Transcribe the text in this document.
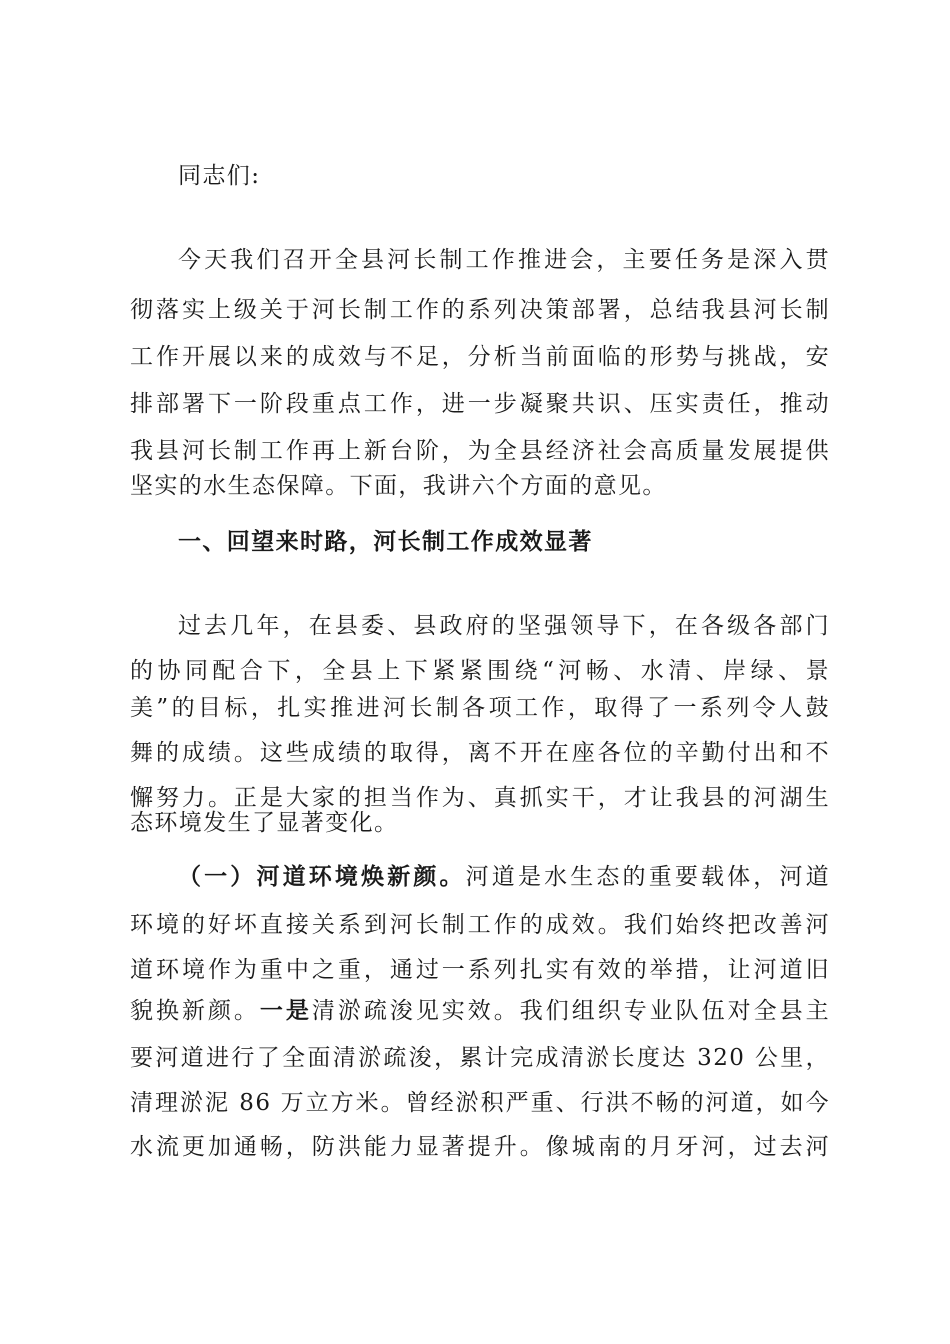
同志们:
今天我们召开全县河长制工作推进会，主要任务是深入贯
彻落实上级关于河长制工作的系列决策部署，总结我县河长制
工作开展以来的成效与不足，分析当前面临的形势与挑战，安
排部署下一阶段重点工作，进一步凝聚共识、压实责任，推动
我县河长制工作再上新台阶，为全县经济社会高质量发展提供
坚实的水生态保障。下面，我讲六个方面的意见。
一、回望来时路，河长制工作成效显著
过去几年，在县委、县政府的坚强领导下，在各级各部门
的协同配合下，全县上下紧紧围绕“河畅、水清、岸绿、景
美”的目标，扎实推进河长制各项工作，取得了一系列令人鼓
舞的成绩。这些成绩的取得，离不开在座各位的辛勤付出和不
懈努力。正是大家的担当作为、真抓实干，才让我县的河湖生
态环境发生了显著变化。
（一）河道环境焕新颜。河道是水生态的重要载体，河道
环境的好坏直接关系到河长制工作的成效。我们始终把改善河
道环境作为重中之重，通过一系列扎实有效的举措，让河道旧
貌换新颜。一是清淤疏浚见实效。我们组织专业队伍对全县主
要河道进行了全面清淤疏浚，累计完成清淤长度达 320 公里，
清理淤泥 86 万立方米。曾经淤积严重、行洪不畅的河道，如今
水流更加通畅，防洪能力显著提升。像城南的月牙河，过去河
